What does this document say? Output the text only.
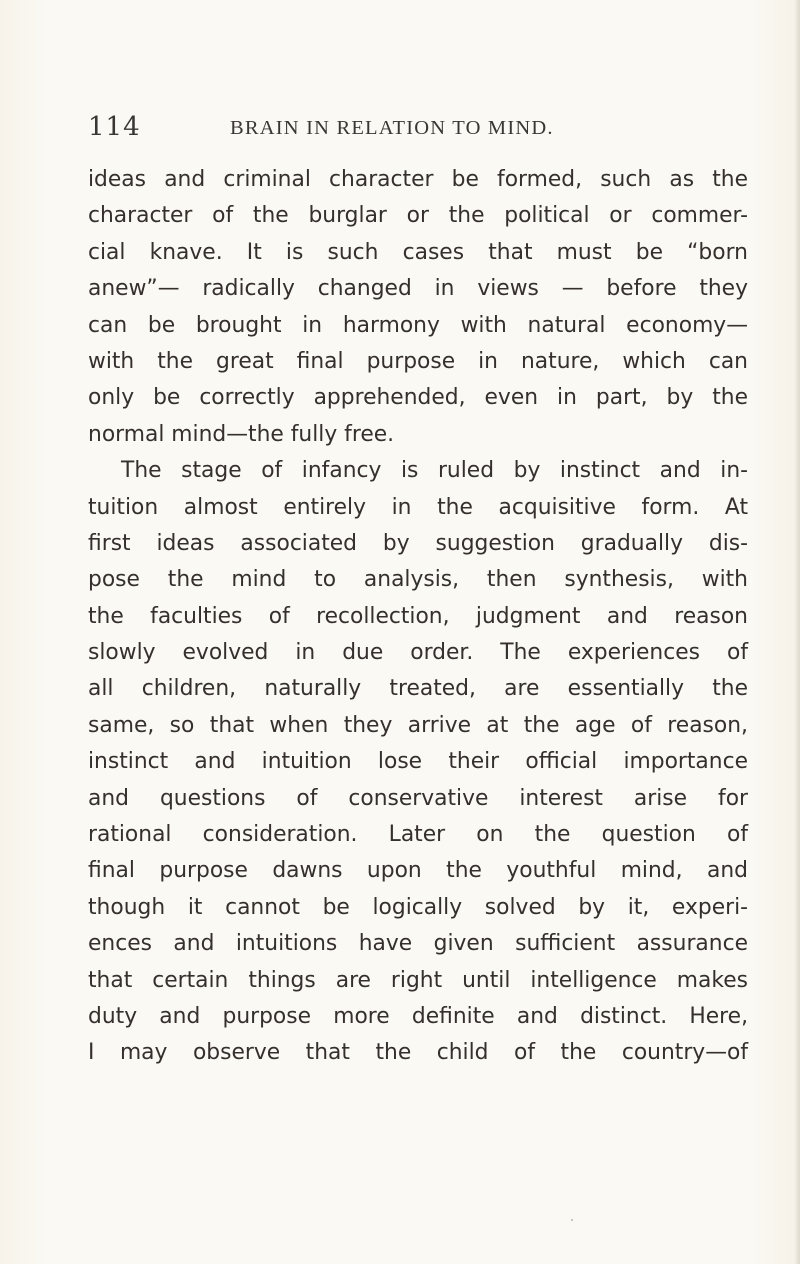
114	BRAIN IN RELATION TO MIND.
ideas and criminal character be formed, such as the
character of the burglar or the political or commer-
cial knave. It is such cases that must be “born
anew”— radically changed in views — before they
can be brought in harmony with natural economy—
with the great final purpose in nature, which can
only be correctly apprehended, even in part, by the
normal mind—the fully free.
The stage of infancy is ruled by instinct and in-
tuition almost entirely in the acquisitive form. At
first ideas associated by suggestion gradually dis-
pose the mind to analysis, then synthesis, with
the faculties of recollection, judgment and reason
slowly evolved in due order. The experiences of
all children, naturally treated, are essentially the
same, so that when they arrive at the age of reason,
instinct and intuition lose their official importance
and questions of conservative interest arise for
rational consideration. Later on the question of
final purpose dawns upon the youthful mind, and
though it cannot be logically solved by it, experi-
ences and intuitions have given sufficient assurance
that certain things are right until intelligence makes
duty and purpose more definite and distinct. Here,
I may observe that the child of the country—of
